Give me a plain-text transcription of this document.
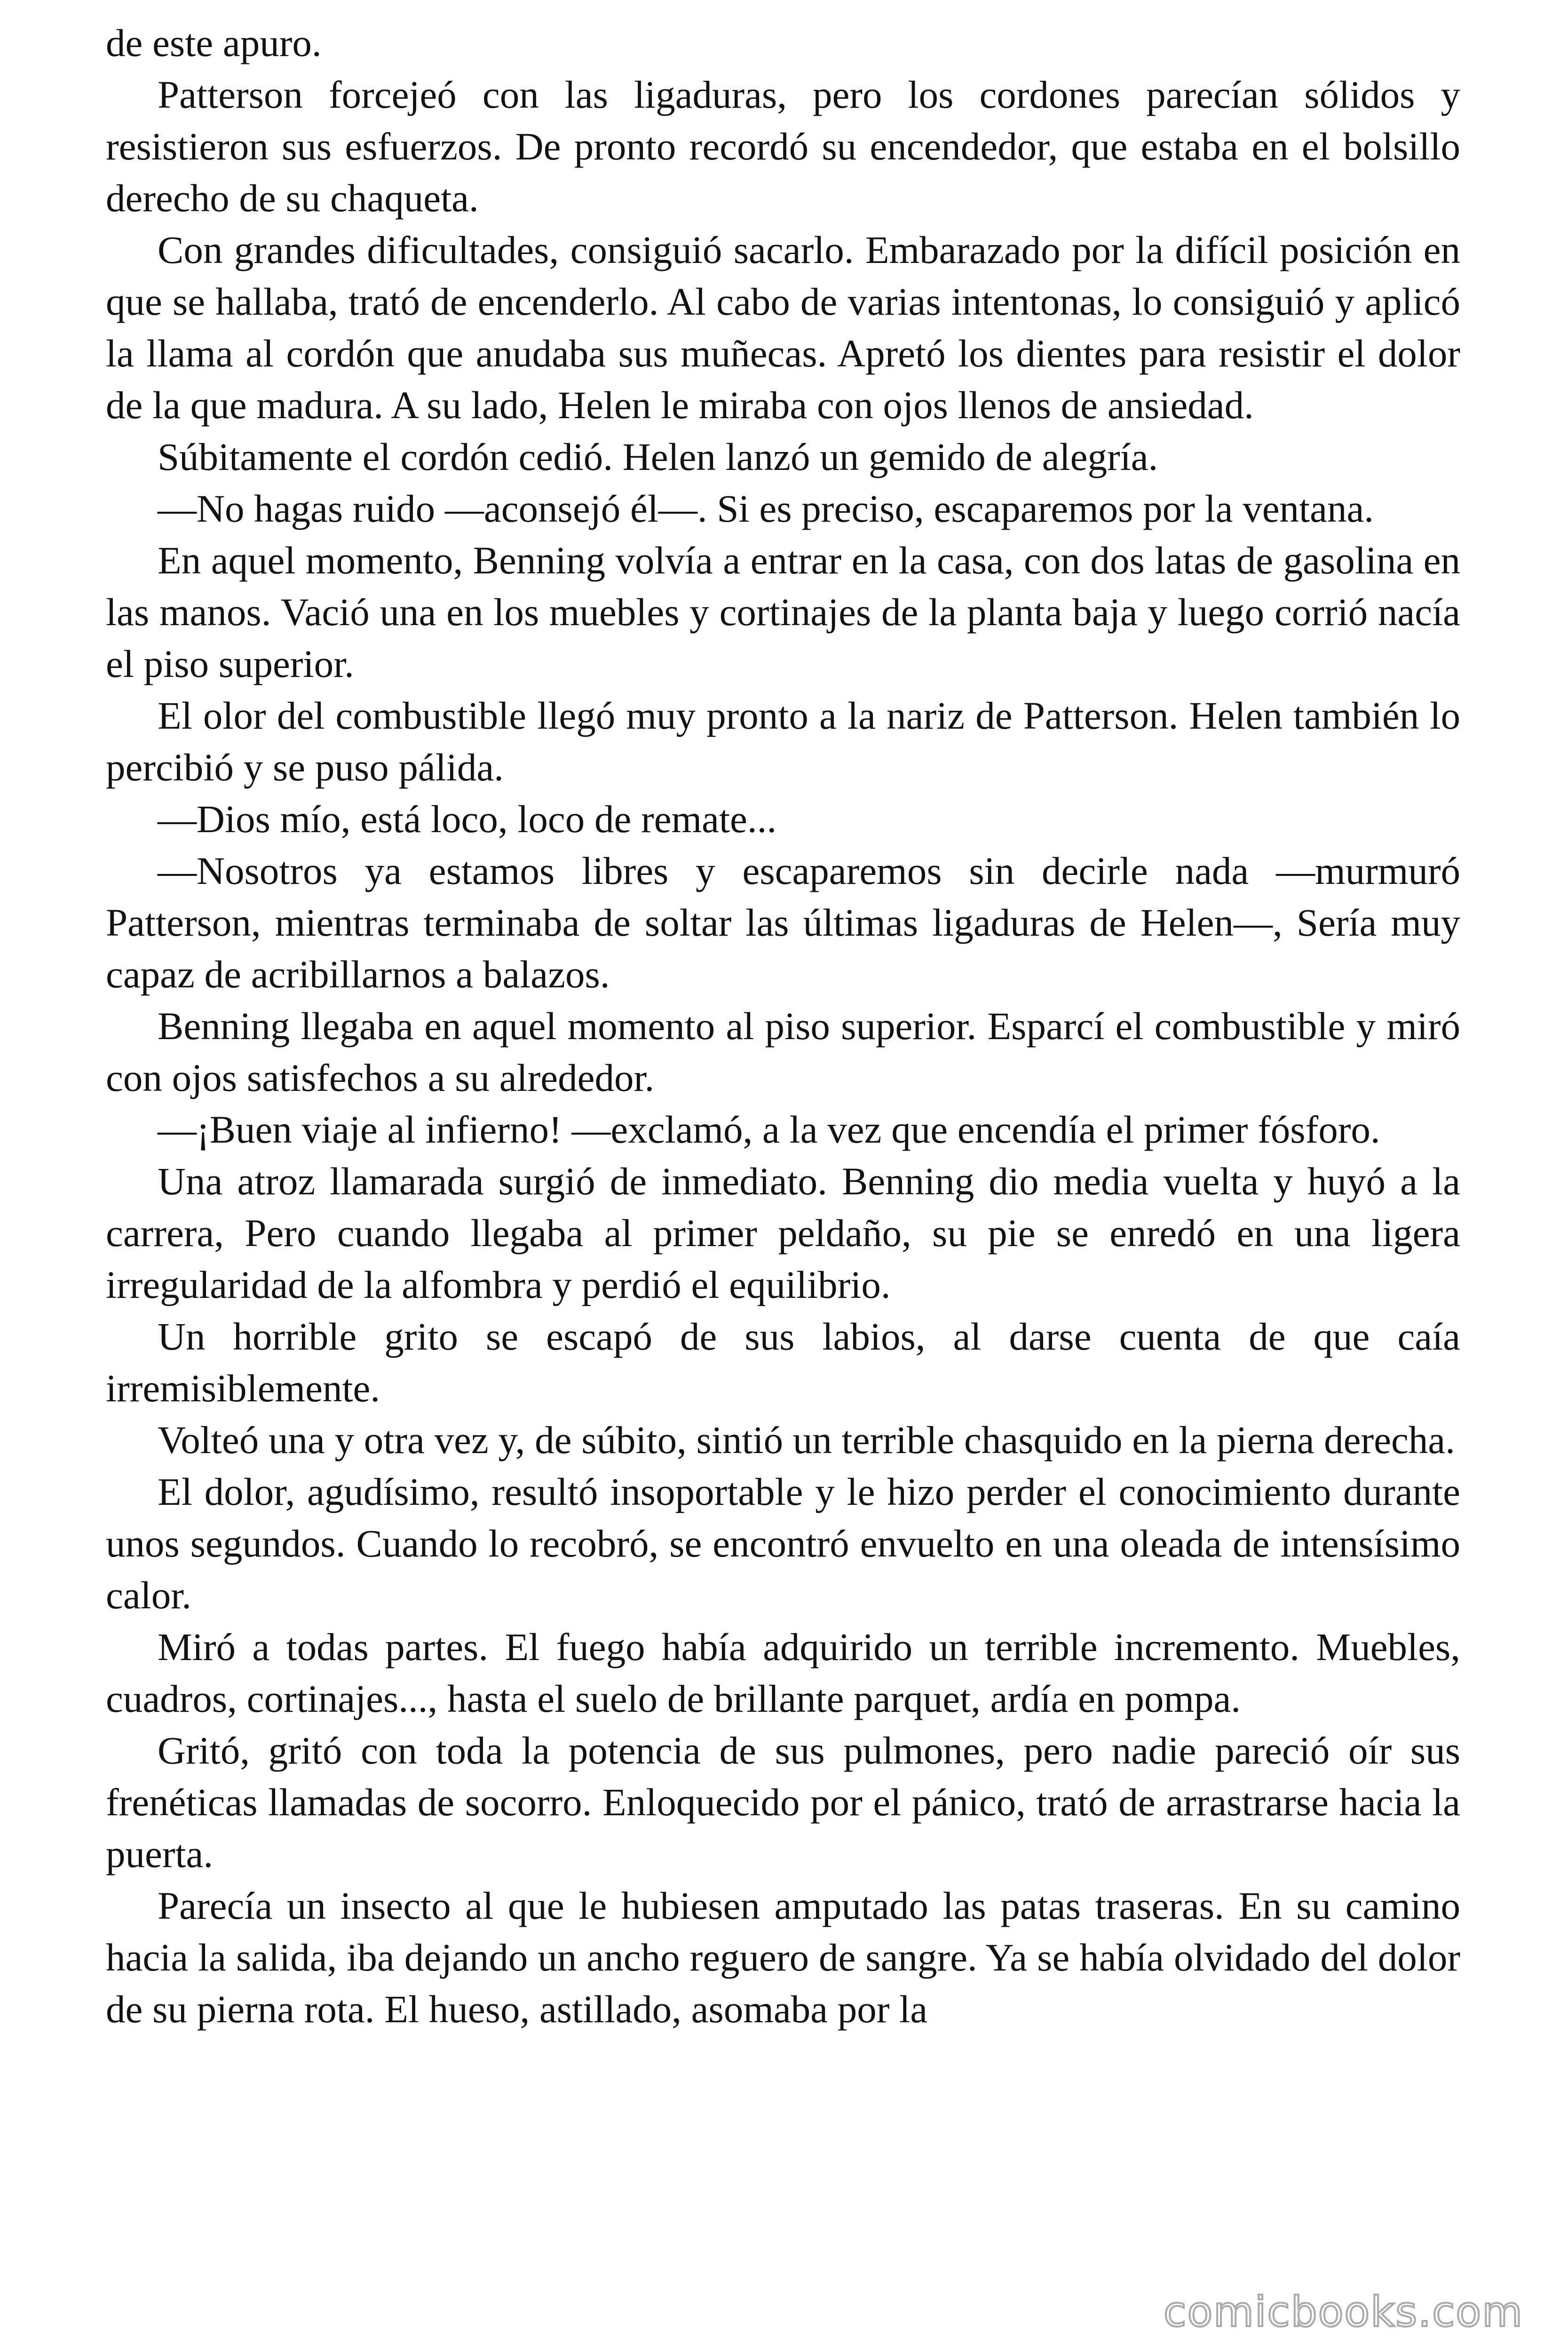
de este apuro.

Patterson forcejeó con las ligaduras, pero los cordones parecían sólidos y resistieron sus esfuerzos. De pronto recordó su encendedor, que estaba en el bolsillo derecho de su chaqueta.

Con grandes dificultades, consiguió sacarlo. Embarazado por la difícil posición en que se hallaba, trató de encenderlo. Al cabo de varias intentonas, lo consiguió y aplicó la llama al cordón que anudaba sus muñecas. Apretó los dientes para resistir el dolor de la que madura. A su lado, Helen le miraba con ojos llenos de ansiedad.

Súbitamente el cordón cedió. Helen lanzó un gemido de alegría.

—No hagas ruido —aconsejó él—. Si es preciso, escaparemos por la ventana.

En aquel momento, Benning volvía a entrar en la casa, con dos latas de gasolina en las manos. Vació una en los muebles y cortinajes de la planta baja y luego corrió nacía el piso superior.

El olor del combustible llegó muy pronto a la nariz de Patterson. Helen también lo percibió y se puso pálida.

—Dios mío, está loco, loco de remate...

—Nosotros ya estamos libres y escaparemos sin decirle nada —murmuró Patterson, mientras terminaba de soltar las últimas ligaduras de Helen—, Sería muy capaz de acribillarnos a balazos.

Benning llegaba en aquel momento al piso superior. Esparcí el combustible y miró con ojos satisfechos a su alrededor.

—¡Buen viaje al infierno! —exclamó, a la vez que encendía el primer fósforo.

Una atroz llamarada surgió de inmediato. Benning dio media vuelta y huyó a la carrera, Pero cuando llegaba al primer peldaño, su pie se enredó en una ligera irregularidad de la alfombra y perdió el equilibrio.

Un horrible grito se escapó de sus labios, al darse cuenta de que caía irremisiblemente.

Volteó una y otra vez y, de súbito, sintió un terrible chasquido en la pierna derecha.

El dolor, agudísimo, resultó insoportable y le hizo perder el conocimiento durante unos segundos. Cuando lo recobró, se encontró envuelto en una oleada de intensísimo calor.

Miró a todas partes. El fuego había adquirido un terrible incremento. Muebles, cuadros, cortinajes..., hasta el suelo de brillante parquet, ardía en pompa.

Gritó, gritó con toda la potencia de sus pulmones, pero nadie pareció oír sus frenéticas llamadas de socorro. Enloquecido por el pánico, trató de arrastrarse hacia la puerta.

Parecía un insecto al que le hubiesen amputado las patas traseras. En su camino hacia la salida, iba dejando un ancho reguero de sangre. Ya se había olvidado del dolor de su pierna rota. El hueso, astillado, asomaba por la

comicbooks.com
